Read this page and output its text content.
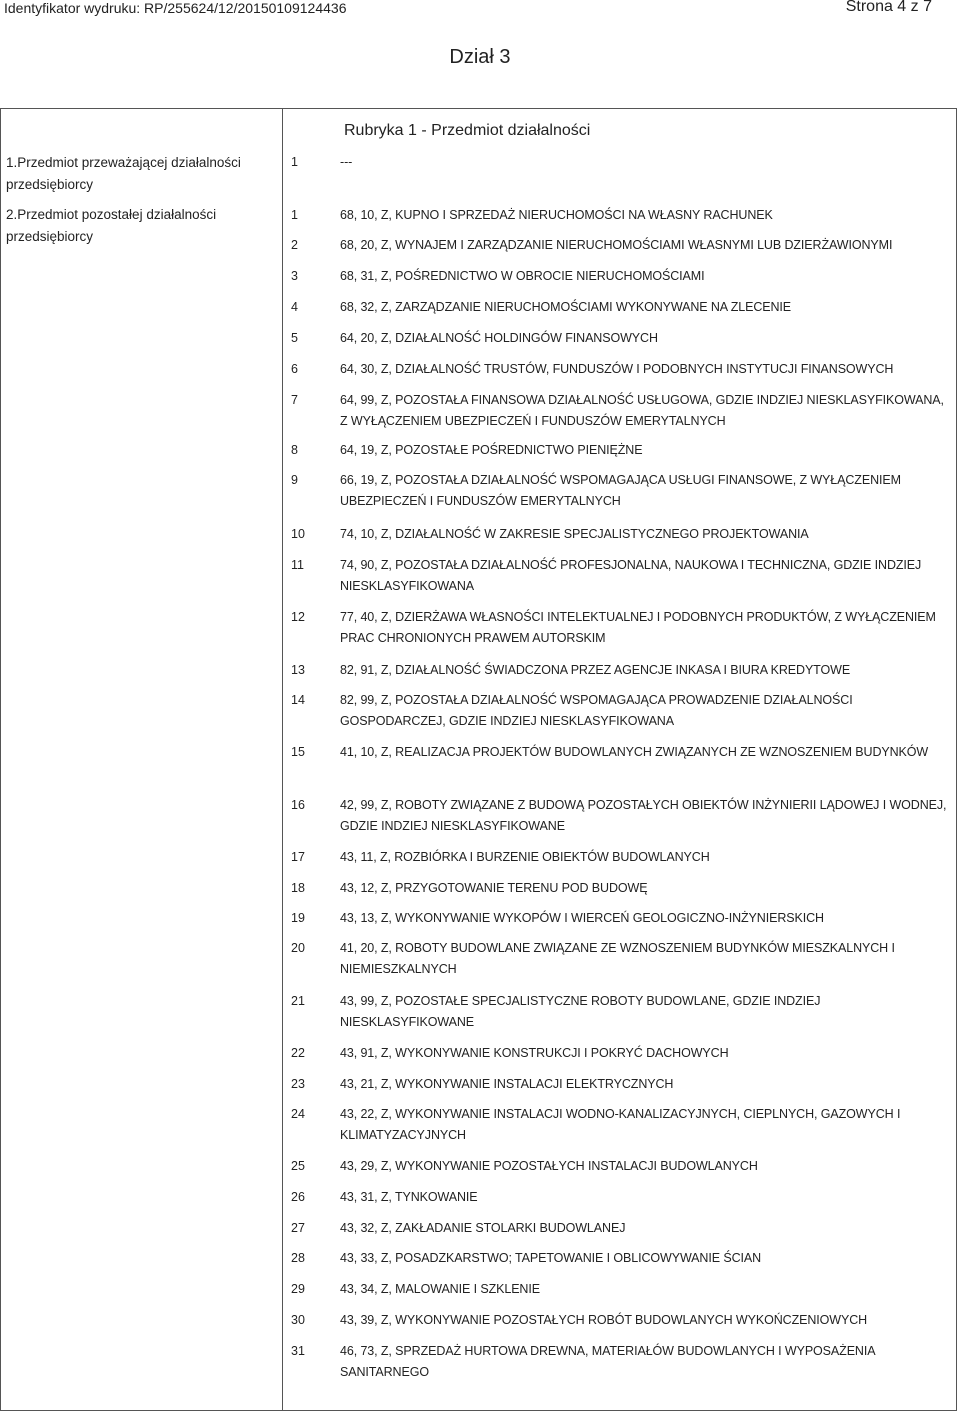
Identyfikator wydruku: RP/255624/12/20150109124436	Strona 4 z 7
Dział 3
Rubryka 1 - Przedmiot działalności
1.Przedmiot przeważającej działalności przedsiębiorcy
2.Przedmiot pozostałej działalności przedsiębiorcy
1	---
1	68, 10, Z, KUPNO I SPRZEDAŻ NIERUCHOMOŚCI NA WŁASNY RACHUNEK
2	68, 20, Z, WYNAJEM I ZARZĄDZANIE NIERUCHOMOŚCIAMI WŁASNYMI LUB DZIERŻAWIONYMI
3	68, 31, Z, POŚREDNICTWO W OBROCIE NIERUCHOMOŚCIAMI
4	68, 32, Z, ZARZĄDZANIE NIERUCHOMOŚCIAMI WYKONYWANE NA ZLECENIE
5	64, 20, Z, DZIAŁALNOŚĆ HOLDINGÓW FINANSOWYCH
6	64, 30, Z, DZIAŁALNOŚĆ TRUSTÓW, FUNDUSZÓW I PODOBNYCH INSTYTUCJI FINANSOWYCH
7	64, 99, Z, POZOSTAŁA FINANSOWA DZIAŁALNOŚĆ USŁUGOWA, GDZIE INDZIEJ NIESKLASYFIKOWANA, Z WYŁĄCZENIEM UBEZPIECZEŃ I FUNDUSZÓW EMERYTALNYCH
8	64, 19, Z, POZOSTAŁE POŚREDNICTWO PIENIĘŻNE
9	66, 19, Z, POZOSTAŁA DZIAŁALNOŚĆ WSPOMAGAJĄCA USŁUGI FINANSOWE, Z WYŁĄCZENIEM UBEZPIECZEŃ I FUNDUSZÓW EMERYTALNYCH
10	74, 10, Z, DZIAŁALNOŚĆ W ZAKRESIE SPECJALISTYCZNEGO PROJEKTOWANIA
11	74, 90, Z, POZOSTAŁA DZIAŁALNOŚĆ PROFESJONALNA, NAUKOWA I TECHNICZNA, GDZIE INDZIEJ NIESKLASYFIKOWANA
12	77, 40, Z, DZIERŻAWA WŁASNOŚCI INTELEKTUALNEJ I PODOBNYCH PRODUKTÓW, Z WYŁĄCZENIEM PRAC CHRONIONYCH PRAWEM AUTORSKIM
13	82, 91, Z, DZIAŁALNOŚĆ ŚWIADCZONA PRZEZ AGENCJE INKASA I BIURA KREDYTOWE
14	82, 99, Z, POZOSTAŁA DZIAŁALNOŚĆ WSPOMAGAJĄCA PROWADZENIE DZIAŁALNOŚCI GOSPODARCZEJ, GDZIE INDZIEJ NIESKLASYFIKOWANA
15	41, 10, Z, REALIZACJA PROJEKTÓW BUDOWLANYCH ZWIĄZANYCH ZE WZNOSZENIEM BUDYNKÓW
16	42, 99, Z, ROBOTY ZWIĄZANE Z BUDOWĄ POZOSTAŁYCH OBIEKTÓW INŻYNIERII LĄDOWEJ I WODNEJ, GDZIE INDZIEJ NIESKLASYFIKOWANE
17	43, 11, Z, ROZBIÓRKA I BURZENIE OBIEKTÓW BUDOWLANYCH
18	43, 12, Z, PRZYGOTOWANIE TERENU POD BUDOWĘ
19	43, 13, Z, WYKONYWANIE WYKOPÓW I WIERCEŃ GEOLOGICZNO-INŻYNIERSKICH
20	41, 20, Z, ROBOTY BUDOWLANE ZWIĄZANE ZE WZNOSZENIEM BUDYNKÓW MIESZKALNYCH I NIEMIESZKALNYCH
21	43, 99, Z, POZOSTAŁE SPECJALISTYCZNE ROBOTY BUDOWLANE, GDZIE INDZIEJ NIESKLASYFIKOWANE
22	43, 91, Z, WYKONYWANIE KONSTRUKCJI I POKRYĆ DACHOWYCH
23	43, 21, Z, WYKONYWANIE INSTALACJI ELEKTRYCZNYCH
24	43, 22, Z, WYKONYWANIE INSTALACJI WODNO-KANALIZACYJNYCH, CIEPLNYCH, GAZOWYCH I KLIMATYZACYJNYCH
25	43, 29, Z, WYKONYWANIE POZOSTAŁYCH INSTALACJI BUDOWLANYCH
26	43, 31, Z, TYNKOWANIE
27	43, 32, Z, ZAKŁADANIE STOLARKI BUDOWLANEJ
28	43, 33, Z, POSADZKARSTWO; TAPETOWANIE I OBLICOWYWANIE ŚCIAN
29	43, 34, Z, MALOWANIE I SZKLENIE
30	43, 39, Z, WYKONYWANIE POZOSTAŁYCH ROBÓT BUDOWLANYCH WYKOŃCZENIOWYCH
31	46, 73, Z, SPRZEDAŻ HURTOWA DREWNA, MATERIAŁÓW BUDOWLANYCH I WYPOSAŻENIA SANITARNEGO
